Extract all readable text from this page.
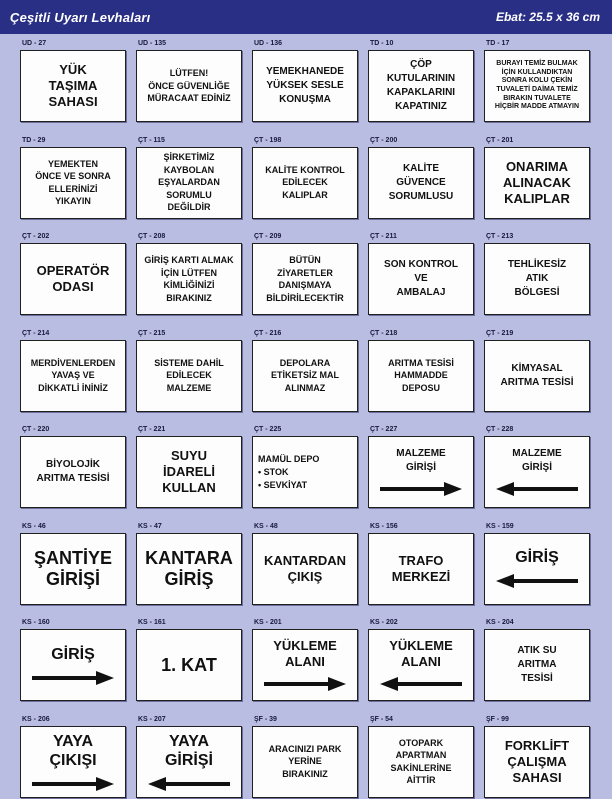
Çeşitli Uyarı Levhaları	Ebat: 25.5 x 36 cm
UD - 27
YÜK
TAŞIMA
SAHASI
UD - 135
LÜTFEN!
ÖNCE GÜVENLİĞE
MÜRACAAT EDİNİZ
UD - 136
YEMEKHANEDE
YÜKSEK SESLE
KONUŞMA
TD - 10
ÇÖP
KUTULARININ
KAPAKLARINI
KAPATINIZ
TD - 17
BURAYI TEMİZ BULMAK
İÇİN KULLANDIKTAN
SONRA KOLU ÇEKİN
TUVALETİ DAİMA TEMİZ
BIRAKIN TUVALETE
HİÇBİR MADDE ATMAYIN
TD - 29
YEMEKTEN
ÖNCE VE SONRA
ELLERİNİZİ
YIKAYIN
ÇT - 115
ŞİRKETİMİZ
KAYBOLAN
EŞYALARDAN
SORUMLU
DEĞİLDİR
ÇT - 198
KALİTE KONTROL
EDİLECEK
KALIPLAR
ÇT - 200
KALİTE
GÜVENCE
SORUMLUSU
ÇT - 201
ONARIMA
ALINACAK
KALIPLAR
ÇT - 202
OPERATÖR
ODASI
ÇT - 208
GİRİŞ KARTI ALMAK
İÇİN LÜTFEN
KİMLİĞİNİZİ
BIRAKINIZ
ÇT - 209
BÜTÜN
ZİYARETLER
DANIŞMAYA
BİLDİRİLECEKTİR
ÇT - 211
SON KONTROL
VE
AMBALAJ
ÇT - 213
TEHLİKESİZ
ATIK
BÖLGESİ
ÇT - 214
MERDİVENLERDEN
YAVAŞ VE
DİKKATLİ İNİNİZ
ÇT - 215
SİSTEME DAHİL
EDİLECEK
MALZEME
ÇT - 216
DEPOLARA
ETİKETSİZ MAL
ALINMAZ
ÇT - 218
ARITMA TESİSİ
HAMMADDE
DEPOSU
ÇT - 219
KİMYASAL
ARITMA TESİSİ
ÇT - 220
BİYOLOJİK
ARITMA TESİSİ
ÇT - 221
SUYU
İDARELİ
KULLAN
ÇT - 225
MAMÜL DEPO
• STOK
• SEVKİYAT
ÇT - 227
MALZEME
GİRİŞİ
ÇT - 228
MALZEME
GİRİŞİ
KS - 46
ŞANTİYE
GİRİŞİ
KS - 47
KANTARA
GİRİŞ
KS - 48
KANTARDAN
ÇIKIŞ
KS - 156
TRAFO
MERKEZİ
KS - 159
GİRİŞ
KS - 160
GİRİŞ
KS - 161
1. KAT
KS - 201
YÜKLEME
ALANI
KS - 202
YÜKLEME
ALANI
KS - 204
ATIK SU
ARITMA
TESİSİ
KS - 206
YAYA
ÇIKIŞI
KS - 207
YAYA
GİRİŞİ
ŞF - 39
ARACINIZI PARK
YERİNE
BIRAKINIZ
ŞF - 54
OTOPARK
APARTMAN
SAKİNLERİNE
AİTTİR
ŞF - 99
FORKLİFT
ÇALIŞMA
SAHASI
